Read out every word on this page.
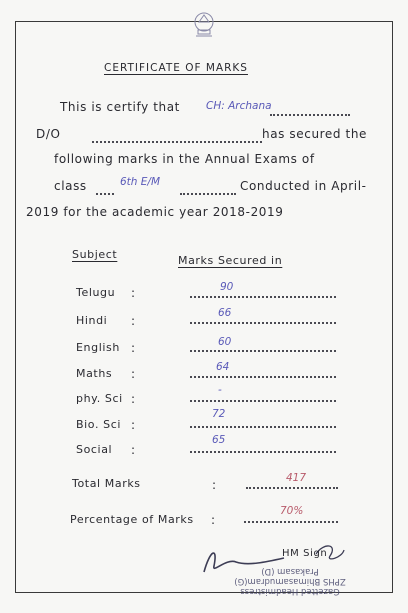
CERTIFICATE OF MARKS
This is certify that CH: Archana
D/O	has secured the
following marks in the Annual Exams of
class	6th E/M	Conducted in April-
2019 for the academic year 2018-2019
Subject	Marks Secured in
Telugu :	90
Hindi :
66
English :	60
Maths :	64
phy. Sci :
-
Bio. Sci :
72
Social :
65
Total Marks	:	417
Percentage of Marks :
70%
HM Sign
Gazetted Headmistress
ZPHS Bhimasamudram(G)
Prakasam (D)
